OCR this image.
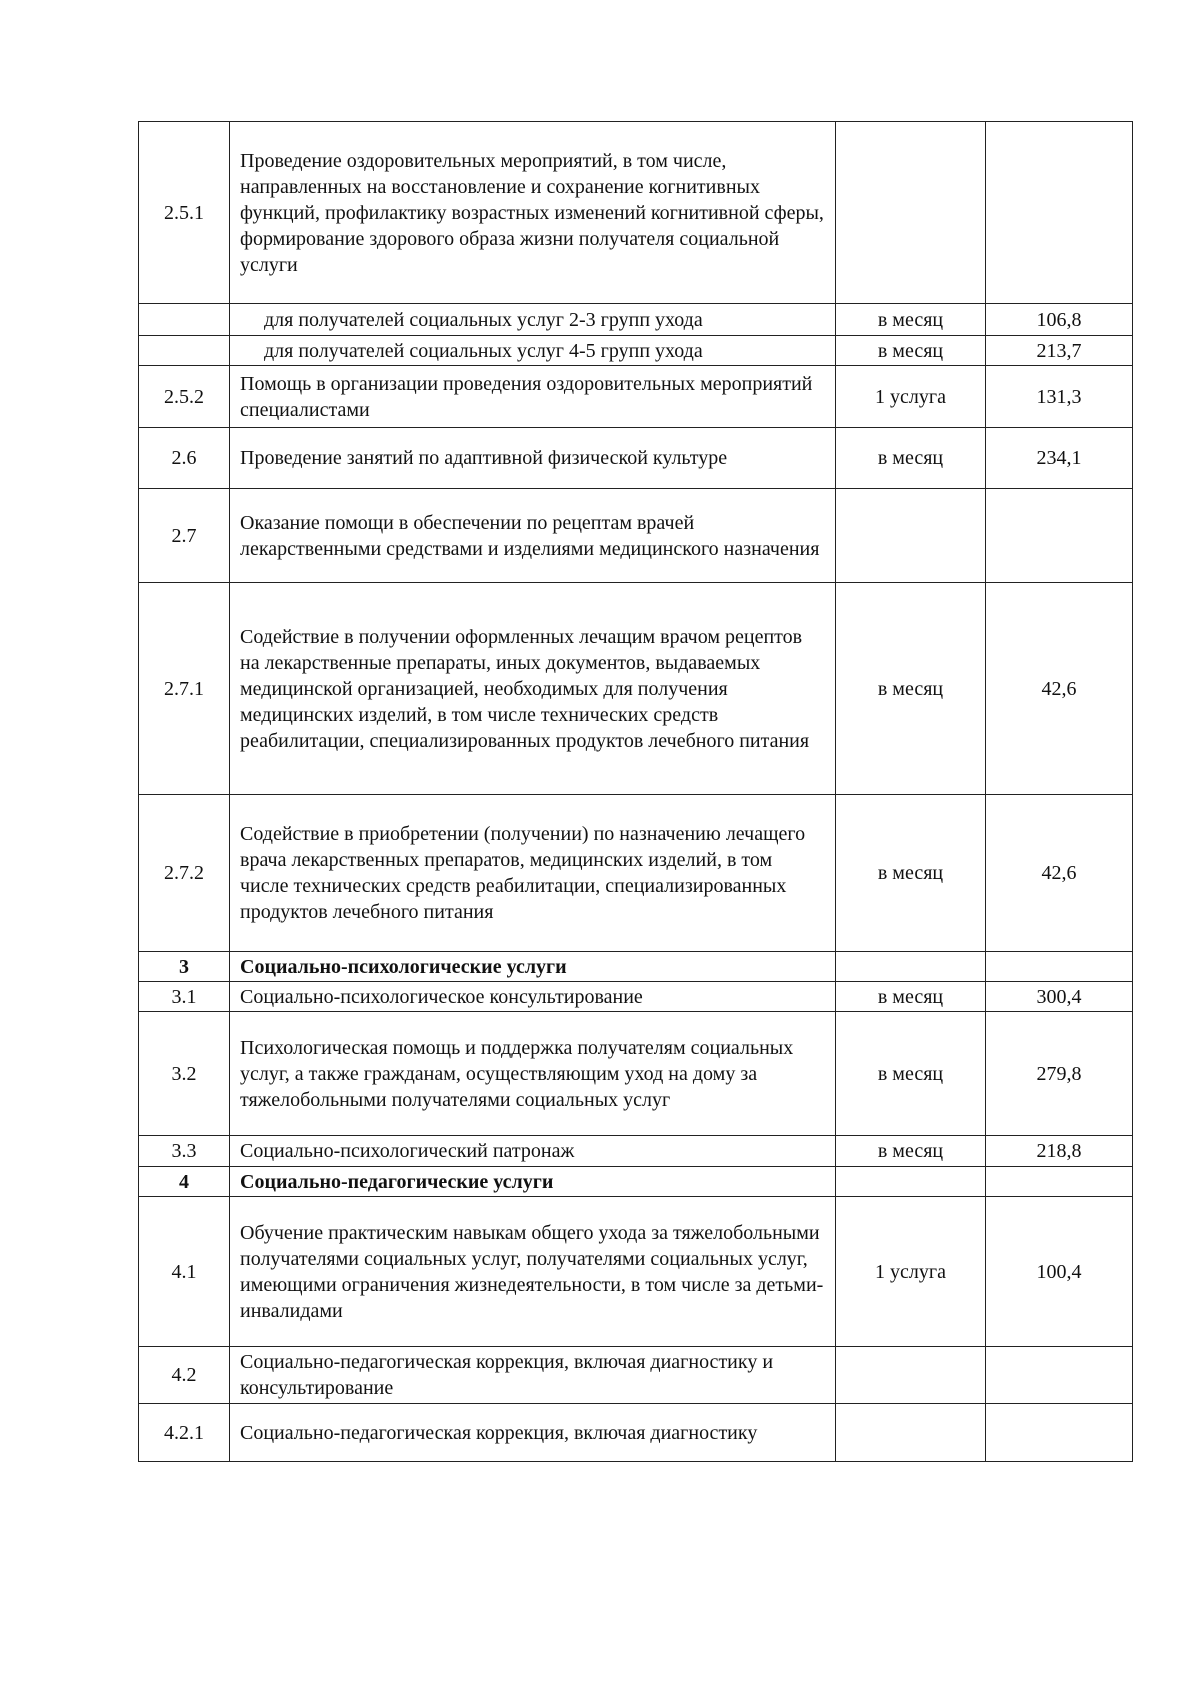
2.5.1	Проведение оздоровительных мероприятий, в том числе, направленных на восстановление и сохранение когнитивных функций, профилактику возрастных изменений когнитивной сферы, формирование здорового образа жизни получателя социальной услуги		
	для получателей социальных услуг 2-3 групп ухода	в месяц	106,8
	для получателей социальных услуг 4-5 групп ухода	в месяц	213,7
2.5.2	Помощь в организации проведения оздоровительных мероприятий специалистами	1 услуга	131,3
2.6	Проведение занятий по адаптивной физической культуре	в месяц	234,1
2.7	Оказание помощи в обеспечении по рецептам врачей лекарственными средствами и изделиями медицинского назначения		
2.7.1	Содействие в получении оформленных лечащим врачом рецептов на лекарственные препараты, иных документов, выдаваемых медицинской организацией, необходимых для получения медицинских изделий, в том числе технических средств реабилитации, специализированных продуктов лечебного питания	в месяц	42,6
2.7.2	Содействие в приобретении (получении) по назначению лечащего врача лекарственных препаратов, медицинских изделий, в том числе технических средств реабилитации, специализированных продуктов лечебного питания	в месяц	42,6
3	Социально-психологические услуги		
3.1	Социально-психологическое консультирование	в месяц	300,4
3.2	Психологическая помощь и поддержка получателям социальных услуг, а также гражданам, осуществляющим уход на дому за тяжелобольными получателями социальных услуг	в месяц	279,8
3.3	Социально-психологический патронаж	в месяц	218,8
4	Социально-педагогические услуги		
4.1	Обучение практическим навыкам общего ухода за тяжелобольными получателями социальных услуг, получателями социальных услуг, имеющими ограничения жизнедеятельности, в том числе за детьми-инвалидами	1 услуга	100,4
4.2	Социально-педагогическая коррекция, включая диагностику и консультирование		
4.2.1	Социально-педагогическая коррекция, включая диагностику		
